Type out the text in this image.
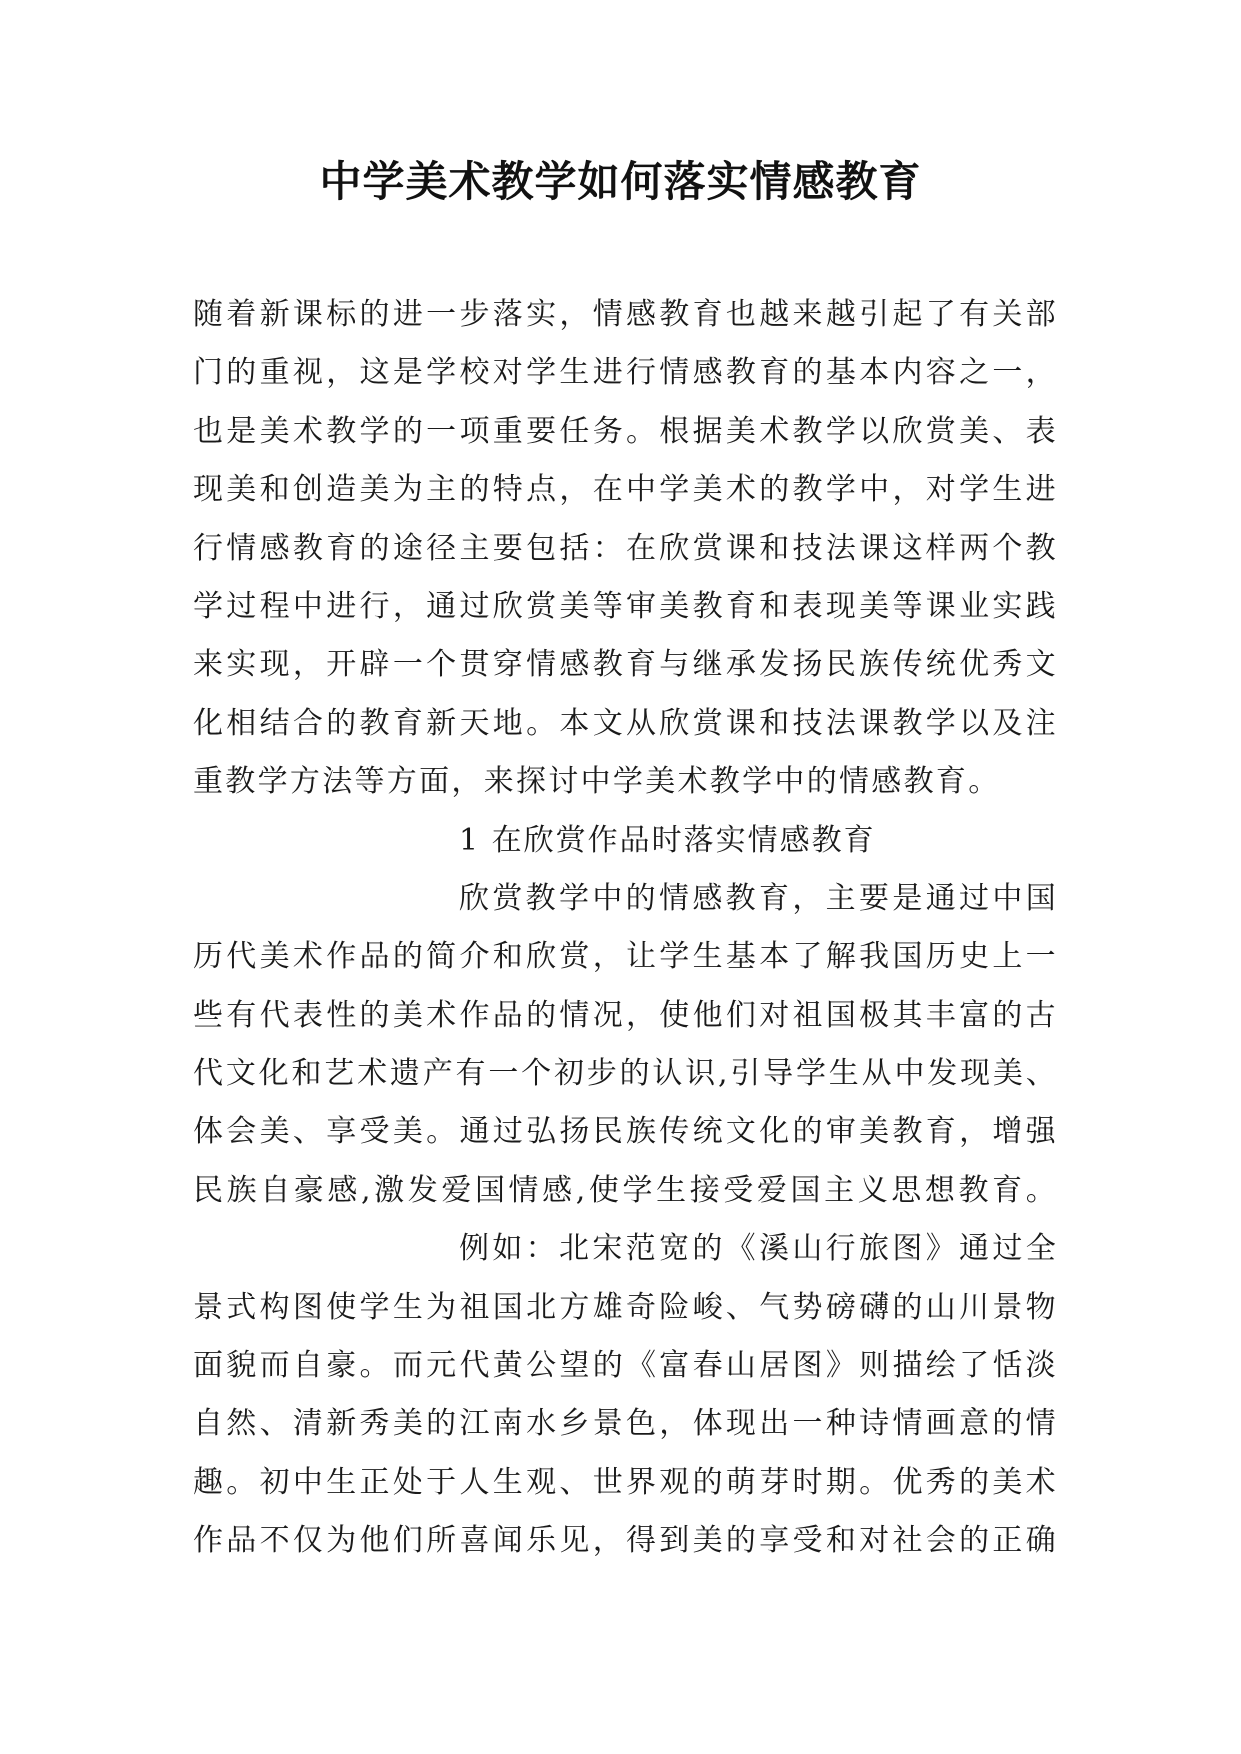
中学美术教学如何落实情感教育
随着新课标的进一步落实，情感教育也越来越引起了有关部
门的重视，这是学校对学生进行情感教育的基本内容之一，
也是美术教学的一项重要任务。根据美术教学以欣赏美、表
现美和创造美为主的特点，在中学美术的教学中，对学生进
行情感教育的途径主要包括：在欣赏课和技法课这样两个教
学过程中进行，通过欣赏美等审美教育和表现美等课业实践
来实现，开辟一个贯穿情感教育与继承发扬民族传统优秀文
化相结合的教育新天地。本文从欣赏课和技法课教学以及注
重教学方法等方面，来探讨中学美术教学中的情感教育。
1 在欣赏作品时落实情感教育
欣赏教学中的情感教育，主要是通过中国
历代美术作品的简介和欣赏，让学生基本了解我国历史上一
些有代表性的美术作品的情况，使他们对祖国极其丰富的古
代文化和艺术遗产有一个初步的认识,引导学生从中发现美、
体会美、享受美。通过弘扬民族传统文化的审美教育，增强
民族自豪感,激发爱国情感,使学生接受爱国主义思想教育。
例如：北宋范宽的《溪山行旅图》通过全
景式构图使学生为祖国北方雄奇险峻、气势磅礴的山川景物
面貌而自豪。而元代黄公望的《富春山居图》则描绘了恬淡
自然、清新秀美的江南水乡景色，体现出一种诗情画意的情
趣。初中生正处于人生观、世界观的萌芽时期。优秀的美术
作品不仅为他们所喜闻乐见，得到美的享受和对社会的正确
